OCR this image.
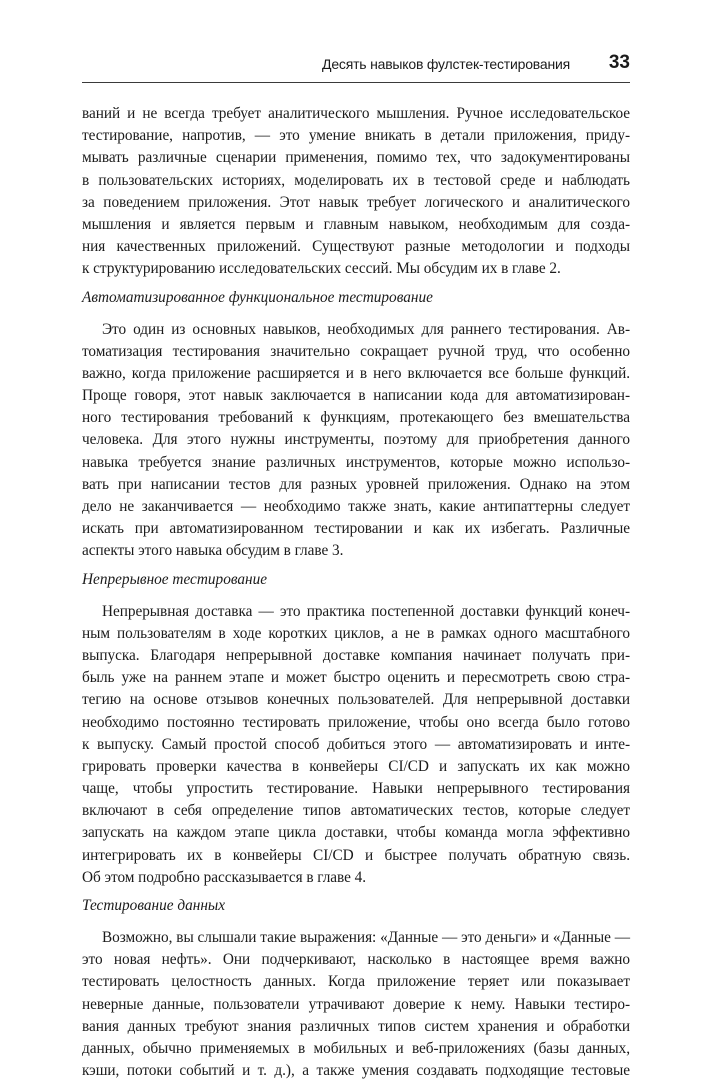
Десять навыков фулстек-тестирования 33
ваний и не всегда требует аналитического мышления. Ручное исследовательское
тестирование, напротив, — это умение вникать в детали приложения, приду-
мывать различные сценарии применения, помимо тех, что задокументированы
в пользовательских историях, моделировать их в тестовой среде и наблюдать
за поведением приложения. Этот навык требует логического и аналитического
мышления и является первым и главным навыком, необходимым для созда-
ния качественных приложений. Существуют разные методологии и подходы
к структурированию исследовательских сессий. Мы обсудим их в главе 2.
Автоматизированное функциональное тестирование
Это один из основных навыков, необходимых для раннего тестирования. Ав-
томатизация тестирования значительно сокращает ручной труд, что особенно
важно, когда приложение расширяется и в него включается все больше функций.
Проще говоря, этот навык заключается в написании кода для автоматизирован-
ного тестирования требований к функциям, протекающего без вмешательства
человека. Для этого нужны инструменты, поэтому для приобретения данного
навыка требуется знание различных инструментов, которые можно использо-
вать при написании тестов для разных уровней приложения. Однако на этом
дело не заканчивается — необходимо также знать, какие антипаттерны следует
искать при автоматизированном тестировании и как их избегать. Различные
аспекты этого навыка обсудим в главе 3.
Непрерывное тестирование
Непрерывная доставка — это практика постепенной доставки функций конеч-
ным пользователям в ходе коротких циклов, а не в рамках одного масштабного
выпуска. Благодаря непрерывной доставке компания начинает получать при-
быль уже на раннем этапе и может быстро оценить и пересмотреть свою стра-
тегию на основе отзывов конечных пользователей. Для непрерывной доставки
необходимо постоянно тестировать приложение, чтобы оно всегда было готово
к выпуску. Самый простой способ добиться этого — автоматизировать и инте-
грировать проверки качества в конвейеры CI/CD и запускать их как можно
чаще, чтобы упростить тестирование. Навыки непрерывного тестирования
включают в себя определение типов автоматических тестов, которые следует
запускать на каждом этапе цикла доставки, чтобы команда могла эффективно
интегрировать их в конвейеры CI/CD и быстрее получать обратную связь.
Об этом подробно рассказывается в главе 4.
Тестирование данных
Возможно, вы слышали такие выражения: «Данные — это деньги» и «Данные —
это новая нефть». Они подчеркивают, насколько в настоящее время важно
тестировать целостность данных. Когда приложение теряет или показывает
неверные данные, пользователи утрачивают доверие к нему. Навыки тестиро-
вания данных требуют знания различных типов систем хранения и обработки
данных, обычно применяемых в мобильных и веб-приложениях (базы данных,
кэши, потоки событий и т. д.), а также умения создавать подходящие тестовые
